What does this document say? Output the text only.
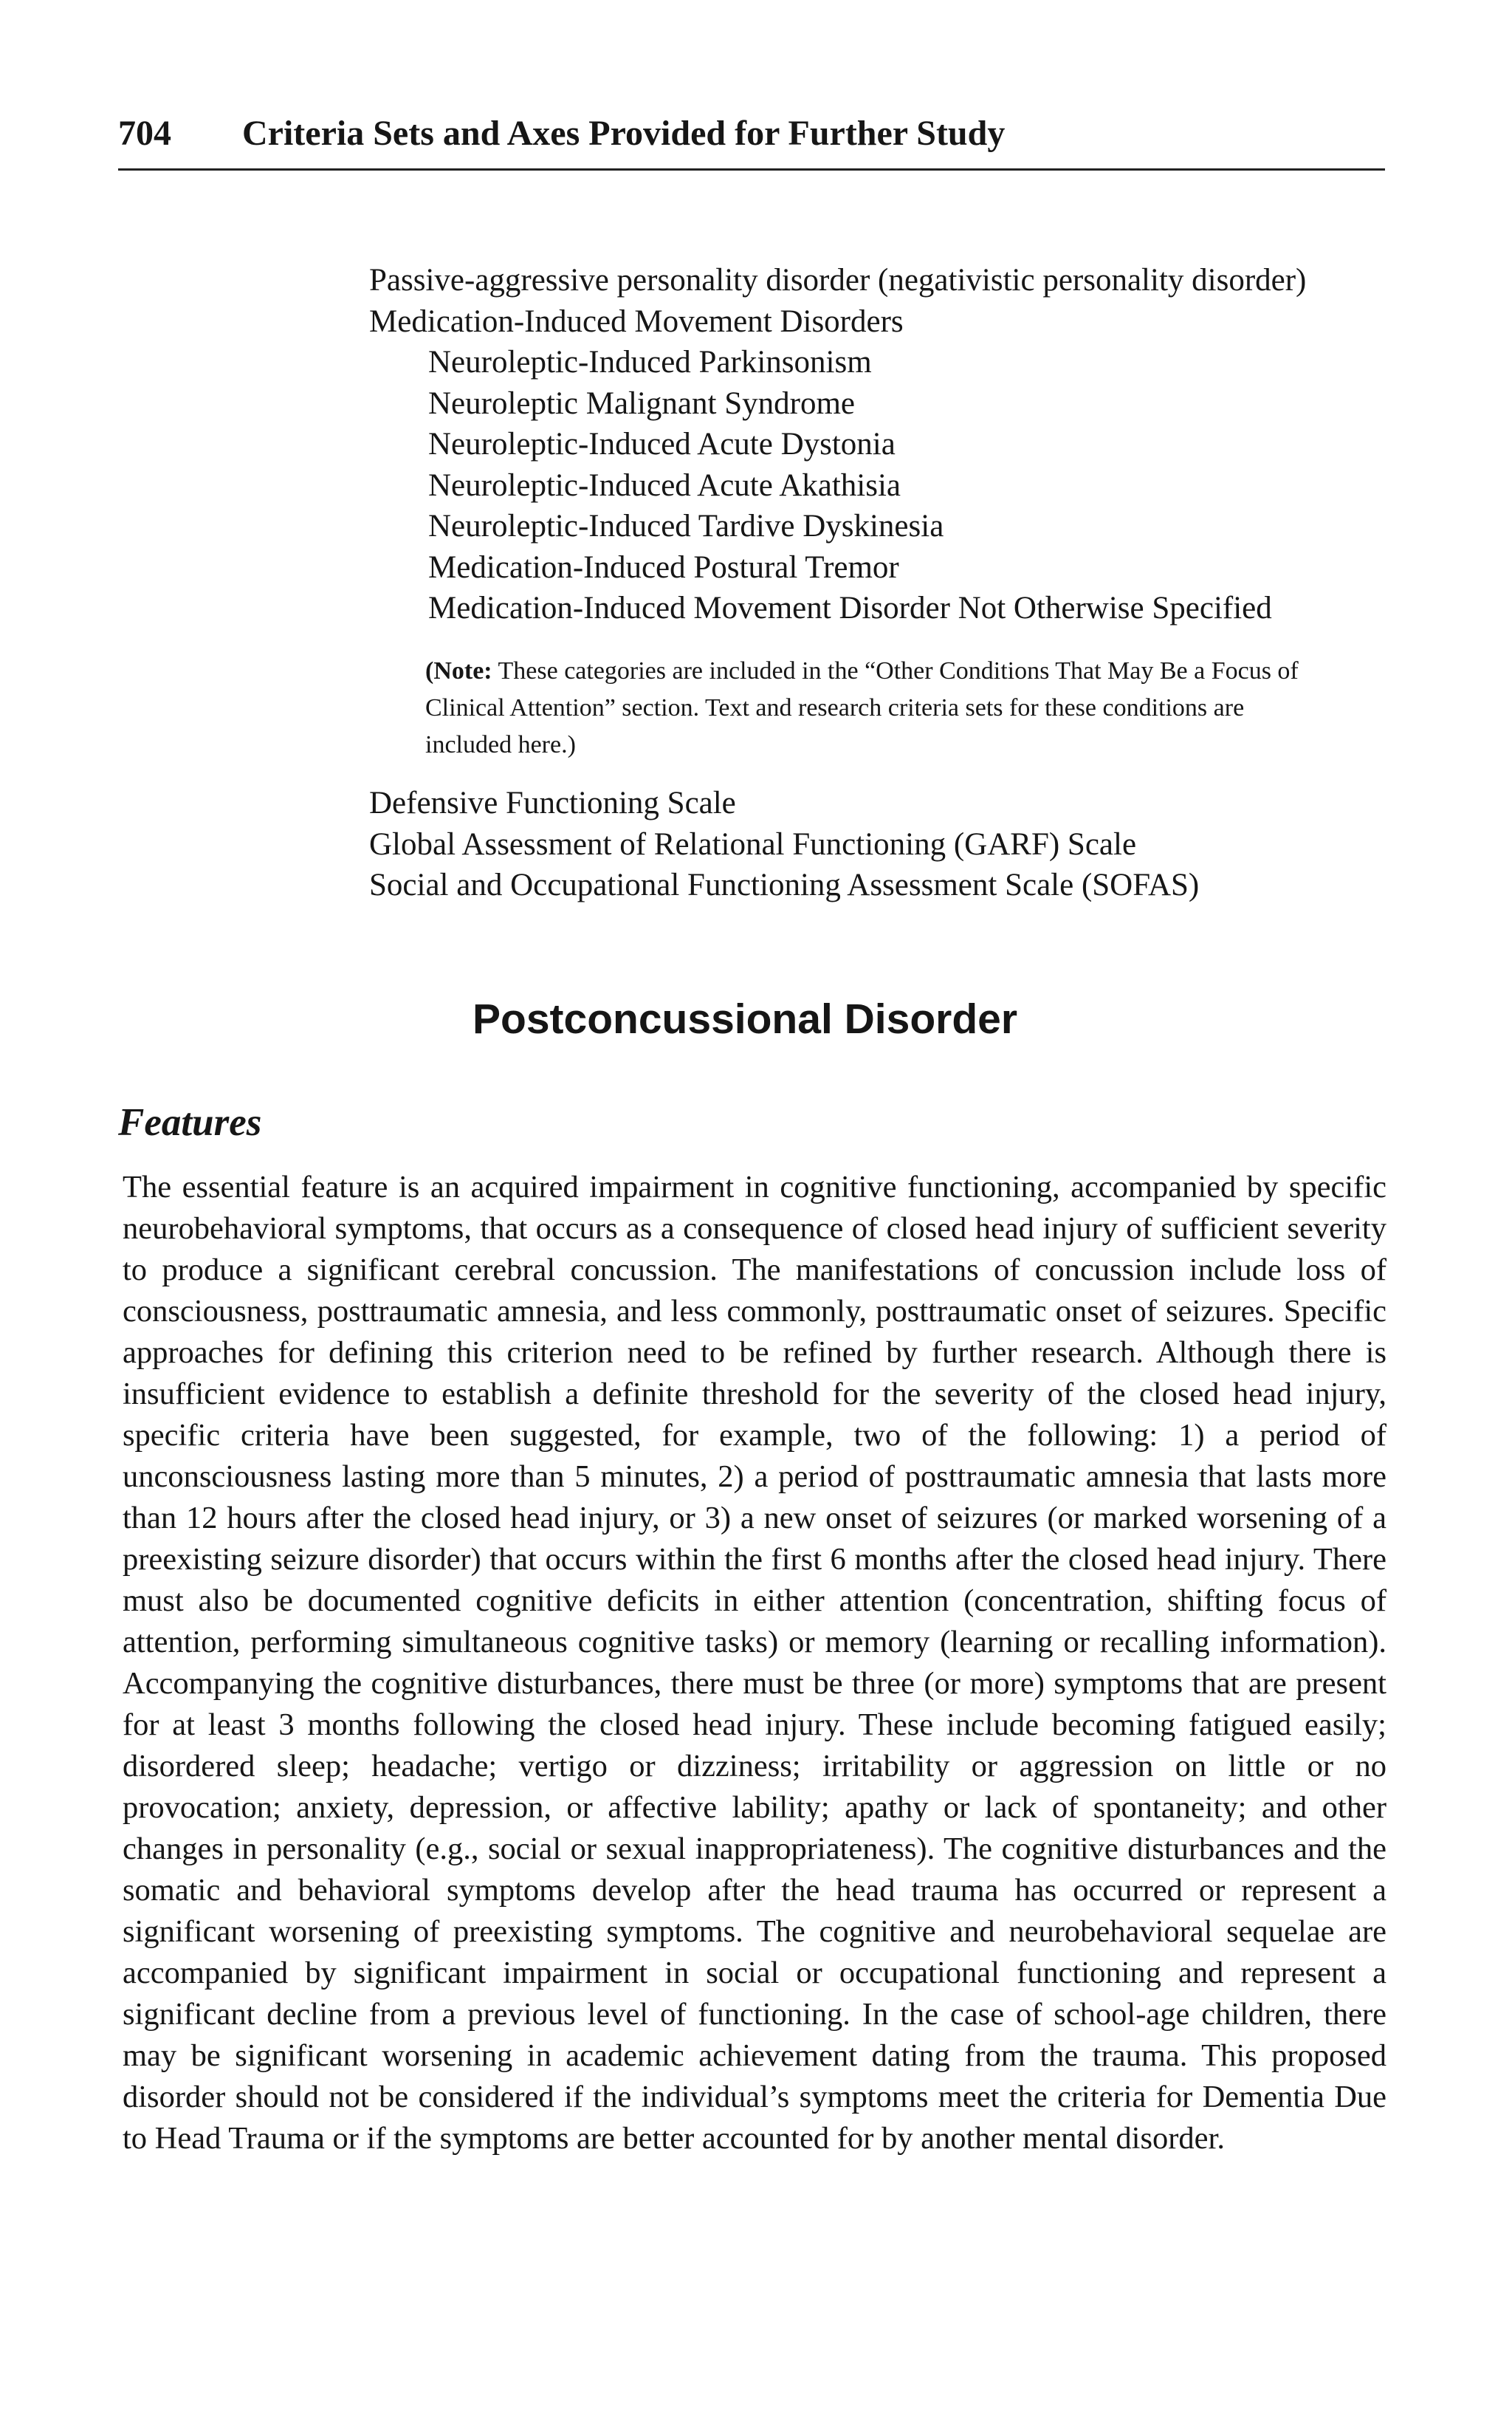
704 Criteria Sets and Axes Provided for Further Study
Passive-aggressive personality disorder (negativistic personality disorder)
Medication-Induced Movement Disorders
Neuroleptic-Induced Parkinsonism
Neuroleptic Malignant Syndrome
Neuroleptic-Induced Acute Dystonia
Neuroleptic-Induced Acute Akathisia
Neuroleptic-Induced Tardive Dyskinesia
Medication-Induced Postural Tremor
Medication-Induced Movement Disorder Not Otherwise Specified
(Note: These categories are included in the “Other Conditions That May Be a Focus of Clinical Attention” section. Text and research criteria sets for these conditions are included here.)
Defensive Functioning Scale
Global Assessment of Relational Functioning (GARF) Scale
Social and Occupational Functioning Assessment Scale (SOFAS)
Postconcussional Disorder
Features
The essential feature is an acquired impairment in cognitive functioning, accompanied by specific neurobehavioral symptoms, that occurs as a consequence of closed head injury of sufficient severity to produce a significant cerebral concussion. The manifestations of concussion include loss of consciousness, posttraumatic amnesia, and less commonly, posttraumatic onset of seizures. Specific approaches for defining this criterion need to be refined by further research. Although there is insufficient evidence to establish a definite threshold for the severity of the closed head injury, specific criteria have been suggested, for example, two of the following: 1) a period of unconsciousness lasting more than 5 minutes, 2) a period of posttraumatic amnesia that lasts more than 12 hours after the closed head injury, or 3) a new onset of seizures (or marked worsening of a preexisting seizure disorder) that occurs within the first 6 months after the closed head injury. There must also be documented cognitive deficits in either attention (concentration, shifting focus of attention, performing simultaneous cognitive tasks) or memory (learning or recalling information). Accompanying the cognitive disturbances, there must be three (or more) symptoms that are present for at least 3 months following the closed head injury. These include becoming fatigued easily; disordered sleep; headache; vertigo or dizziness; irritability or aggression on little or no provocation; anxiety, depression, or affective lability; apathy or lack of spontaneity; and other changes in personality (e.g., social or sexual inappropriateness). The cognitive disturbances and the somatic and behavioral symptoms develop after the head trauma has occurred or represent a significant worsening of preexisting symptoms. The cognitive and neurobehavioral sequelae are accompanied by significant impairment in social or occupational functioning and represent a significant decline from a previous level of functioning. In the case of school-age children, there may be significant worsening in academic achievement dating from the trauma. This proposed disorder should not be considered if the individual’s symptoms meet the criteria for Dementia Due to Head Trauma or if the symptoms are better accounted for by another mental disorder.
